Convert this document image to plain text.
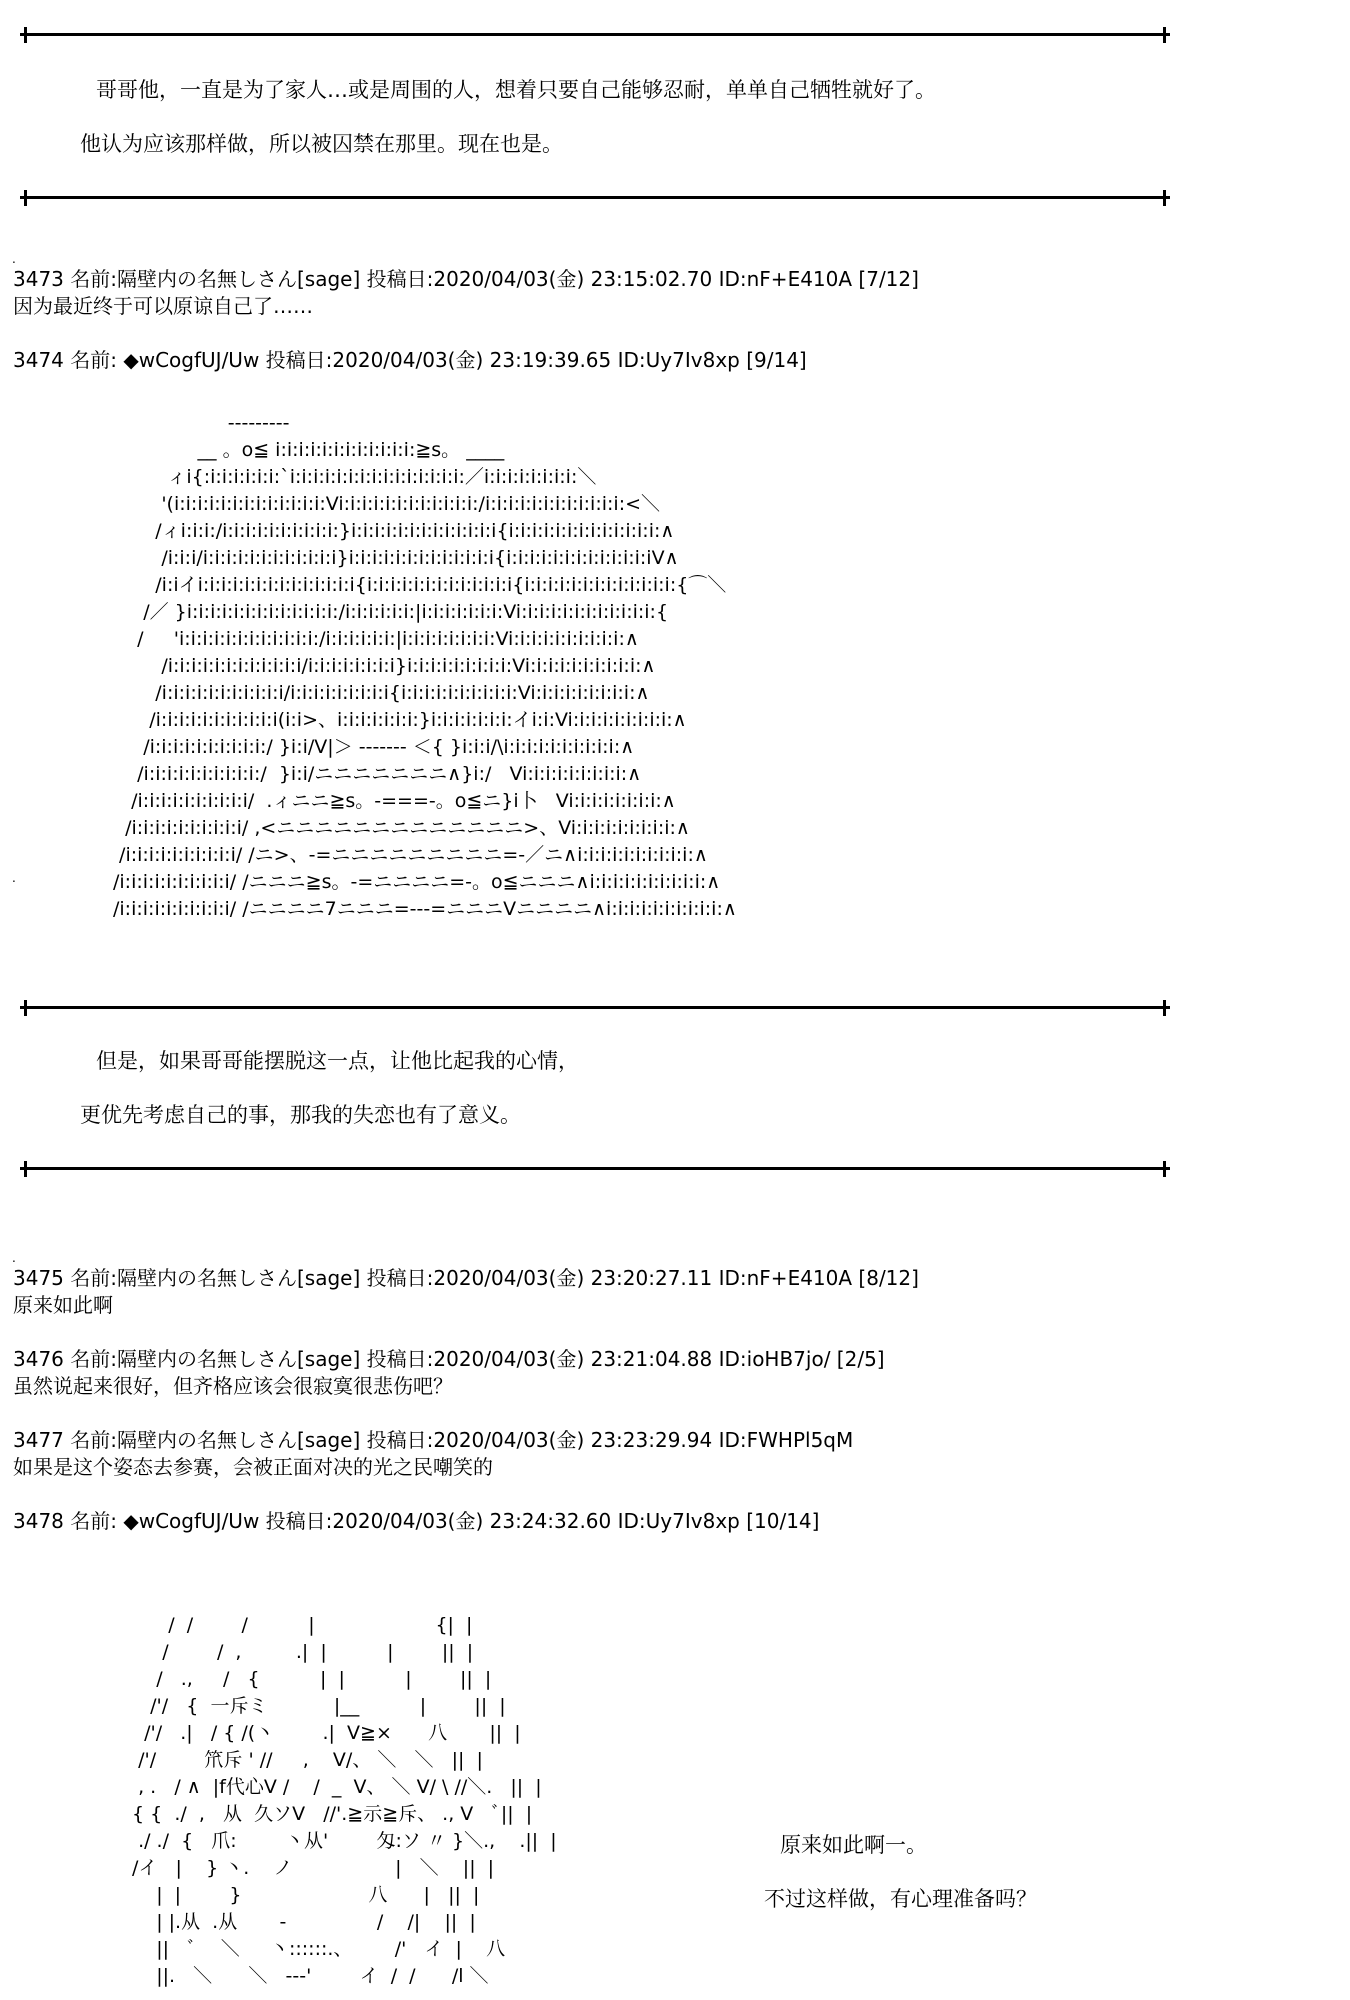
哥哥他，一直是为了家人…或是周围的人，想着只要自己能够忍耐，单单自己牺牲就好了。
他认为应该那样做，所以被囚禁在那里。现在也是。
.
3473 名前:隔壁内の名無しさん[sage] 投稿日:2020/04/03(金) 23:15:02.70 ID:nF+E410A [7/12]
因为最近终于可以原谅自己了……
3474 名前: ◆wCogfUJ/Uw 投稿日:2020/04/03(金) 23:19:39.65 ID:Uy7Iv8xp [9/14]
---------
__ 。o≦ i:i:i:i:i:i:i:i:i:i:i:i:≧s。 ____
ィi{:i:i:i:i:i:i:`i:i:i:i:i:i:i:i:i:i:i:i:i:i:i:／i:i:i:i:i:i:i:i:＼
'(i:i:i:i:i:i:i:i:i:i:i:i:i:Vi:i:i:i:i:i:i:i:i:i:i:i:/i:i:i:i:i:i:i:i:i:i:i:i:<＼
/ィi:i:i:/i:i:i:i:i:i:i:i:i:i:}i:i:i:i:i:i:i:i:i:i:i:i:i{i:i:i:i:i:i:i:i:i:i:i:i:i:∧
/i:i:i/i:i:i:i:i:i:i:i:i:i:i:i}i:i:i:i:i:i:i:i:i:i:i:i:i{i:i:i:i:i:i:i:i:i:i:i:i:iV∧
/i:iイi:i:i:i:i:i:i:i:i:i:i:i:i:i{i:i:i:i:i:i:i:i:i:i:i:i:i{i:i:i:i:i:i:i:i:i:i:i:i:i:{⌒＼
/／ }i:i:i:i:i:i:i:i:i:i:i:i:i:/i:i:i:i:i:i:|i:i:i:i:i:i:i:Vi:i:i:i:i:i:i:i:i:i:i:i:{
/     'i:i:i:i:i:i:i:i:i:i:i:i:/i:i:i:i:i:i:|i:i:i:i:i:i:i:i:Vi:i:i:i:i:i:i:i:i:i:∧
/i:i:i:i:i:i:i:i:i:i:i:i/i:i:i:i:i:i:i:i}i:i:i:i:i:i:i:i:i:Vi:i:i:i:i:i:i:i:i:i:∧
/i:i:i:i:i:i:i:i:i:i:i/i:i:i:i:i:i:i:i:i{i:i:i:i:i:i:i:i:i:i:Vi:i:i:i:i:i:i:i:i:∧
/i:i:i:i:i:i:i:i:i:i:i(i:i>、i:i:i:i:i:i:i:}i:i:i:i:i:i:i:イi:i:Vi:i:i:i:i:i:i:i:i:∧
/i:i:i:i:i:i:i:i:i:i:/ }i:i/V|＞ ------- ＜{ }i:i:i/\i:i:i:i:i:i:i:i:i:i:∧
/i:i:i:i:i:i:i:i:i:i:/  }i:i/ニニニニニニニ∧}i:/   Vi:i:i:i:i:i:i:i:i:∧
/i:i:i:i:i:i:i:i:i:i/  .ィニニ≧s。-===-。o≦ニ}i卜   Vi:i:i:i:i:i:i:i:∧
/i:i:i:i:i:i:i:i:i:i/ ,<ニニニニニニニニニニニニニ>、Vi:i:i:i:i:i:i:i:i:∧
/i:i:i:i:i:i:i:i:i:i/ /ニ>、-=ニニニニニニニニニ=-／ニ∧i:i:i:i:i:i:i:i:i:i:∧
/i:i:i:i:i:i:i:i:i:i/ /ニニニ≧s。-=ニニニニ=-。o≦ニニニ∧i:i:i:i:i:i:i:i:i:i:∧
/i:i:i:i:i:i:i:i:i:i/ /ニニニニ7ニニニ=---=ニニニVニニニニ∧i:i:i:i:i:i:i:i:i:i:∧
.
但是，如果哥哥能摆脱这一点，让他比起我的心情，
更优先考虑自己的事，那我的失恋也有了意义。
.
3475 名前:隔壁内の名無しさん[sage] 投稿日:2020/04/03(金) 23:20:27.11 ID:nF+E410A [8/12]
原来如此啊
3476 名前:隔壁内の名無しさん[sage] 投稿日:2020/04/03(金) 23:21:04.88 ID:ioHB7jo/ [2/5]
虽然说起来很好，但齐格应该会很寂寞很悲伤吧？
3477 名前:隔壁内の名無しさん[sage] 投稿日:2020/04/03(金) 23:23:29.94 ID:FWHPl5qM
如果是这个姿态去参赛，会被正面对决的光之民嘲笑的
3478 名前: ◆wCogfUJ/Uw 投稿日:2020/04/03(金) 23:24:32.60 ID:Uy7Iv8xp [10/14]
/  /        /          |                    {|  |
/        /  ,         .|  |          |        ||  |
/   .,     /   {          |  |          |        ||  |
/'/   {  一斥ミ           |__          |        ||  |
/'/   .|   / { /(丶        .|  V≧×      八       ||  |
/'/        笊斥 ' //     ,    V/、 ＼   ＼   ||  |
, .   / ∧  |f代心V /    /  _  V、 ＼ V/ \ //＼.   ||  |
{ {  ./  ,   从  久ソV   //'.≧示≧斥、 ., V   ﾞ||  |
./ ./  {   爪:        丶从'        匁:ソ 〃 }＼.,    .||  |
/イ   |    } 丶.    ノ                 |   ＼    ||  |
|  |        }                     八      |   ||  |
| |.从  .从       -               /    /|    ||  |
||   ﾞ    ＼     丶::::::.、       /'   イ  |    八
||.   ＼      ＼   ---'        イ  /  /      /l ＼
原来如此啊一。
不过这样做，有心理准备吗？
